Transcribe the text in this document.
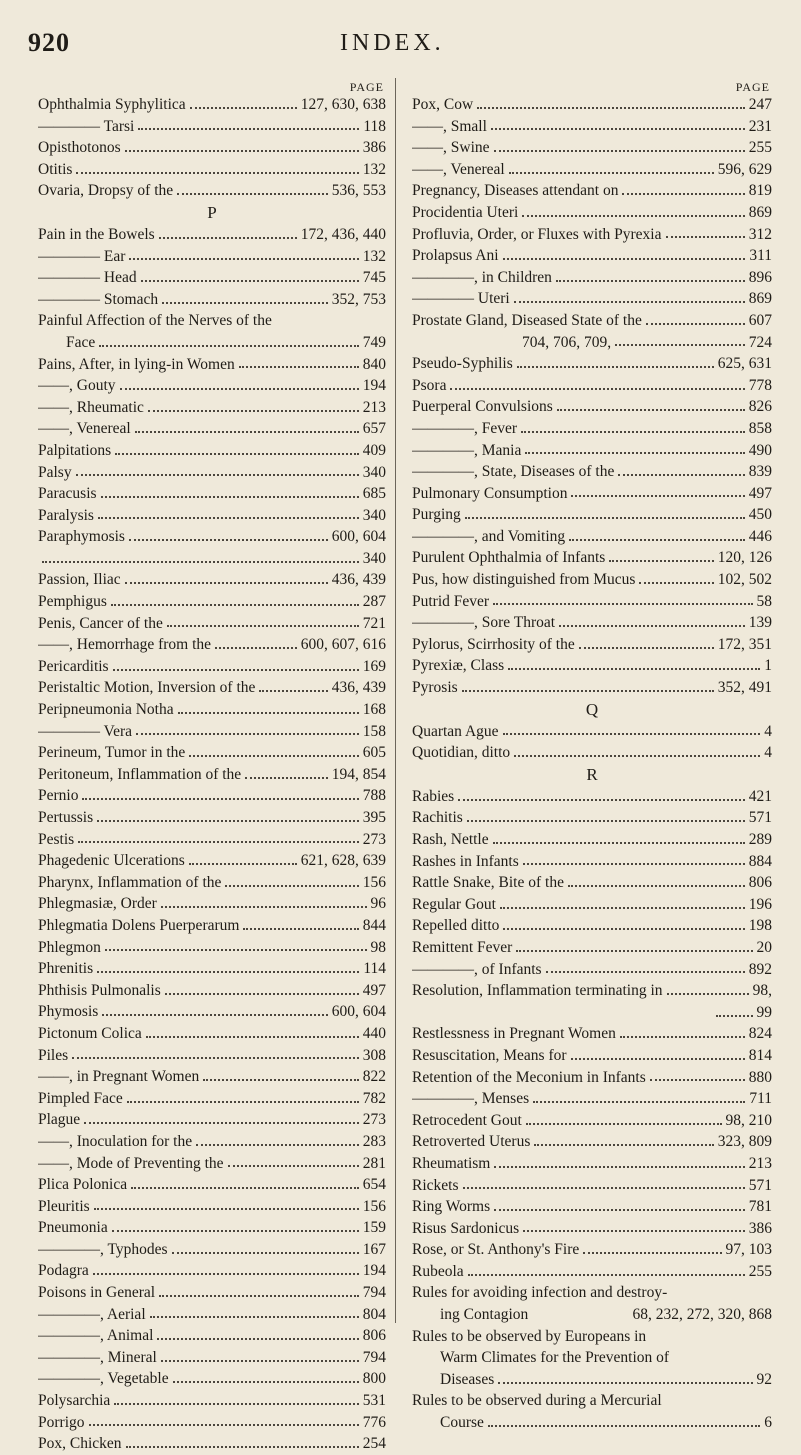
920	INDEX.
PAGE
Ophthalmia Syphylitica	127, 630, 638
———— Tarsi	118
Opisthotonos	386
Otitis	132
Ovaria, Dropsy of the	536, 553
P
Pain in the Bowels	172, 436, 440
———— Ear	132
———— Head	745
———— Stomach	352, 753
Painful Affection of the Nerves of the
Face	749
Pains, After, in lying-in Women	840
——, Gouty	194
——, Rheumatic	213
——, Venereal	657
Palpitations	409
Palsy	340
Paracusis	685
Paralysis	340
Paraphymosis	600, 604
340
Passion, Iliac	436, 439
Pemphigus	287
Penis, Cancer of the	721
——, Hemorrhage from the	600, 607, 616
Pericarditis	169
Peristaltic Motion, Inversion of the	436, 439
Peripneumonia Notha	168
———— Vera	158
Perineum, Tumor in the	605
Peritoneum, Inflammation of the	194, 854
Pernio	788
Pertussis	395
Pestis	273
Phagedenic Ulcerations	621, 628, 639
Pharynx, Inflammation of the	156
Phlegmasiæ, Order	96
Phlegmatia Dolens Puerperarum	844
Phlegmon	98
Phrenitis	114
Phthisis Pulmonalis	497
Phymosis	600, 604
Pictonum Colica	440
Piles	308
——, in Pregnant Women	822
Pimpled Face	782
Plague	273
——, Inoculation for the	283
——, Mode of Preventing the	281
Plica Polonica	654
Pleuritis	156
Pneumonia	159
————, Typhodes	167
Podagra	194
Poisons in General	794
————, Aerial	804
————, Animal	806
————, Mineral	794
————, Vegetable	800
Polysarchia	531
Porrigo	776
Pox, Chicken	254
PAGE
Pox, Cow	247
——, Small	231
——, Swine	255
——, Venereal	596, 629
Pregnancy, Diseases attendant on	819
Procidentia Uteri	869
Profluvia, Order, or Fluxes with Pyrexia	312
Prolapsus Ani	311
————, in Children	896
———— Uteri	869
Prostate Gland, Diseased State of the	607
704, 706, 709,	724
Pseudo-Syphilis	625, 631
Psora	778
Puerperal Convulsions	826
————, Fever	858
————, Mania	490
————, State, Diseases of the	839
Pulmonary Consumption	497
Purging	450
————, and Vomiting	446
Purulent Ophthalmia of Infants	120, 126
Pus, how distinguished from Mucus	102, 502
Putrid Fever	58
————, Sore Throat	139
Pylorus, Scirrhosity of the	172, 351
Pyrexiæ, Class	1
Pyrosis	352, 491
Q
Quartan Ague	4
Quotidian, ditto	4
R
Rabies	421
Rachitis	571
Rash, Nettle	289
Rashes in Infants	884
Rattle Snake, Bite of the	806
Regular Gout	196
Repelled ditto	198
Remittent Fever	20
————, of Infants	892
Resolution, Inflammation terminating in	98,
99
Restlessness in Pregnant Women	824
Resuscitation, Means for	814
Retention of the Meconium in Infants	880
————, Menses	711
Retrocedent Gout	98, 210
Retroverted Uterus	323, 809
Rheumatism	213
Rickets	571
Ring Worms	781
Risus Sardonicus	386
Rose, or St. Anthony's Fire	97, 103
Rubeola	255
Rules for avoiding infection and destroy-
ing Contagion	68, 232, 272, 320, 868
Rules to be observed by Europeans in
Warm Climates for the Prevention of
Diseases	92
Rules to be observed during a Mercurial
Course	6
